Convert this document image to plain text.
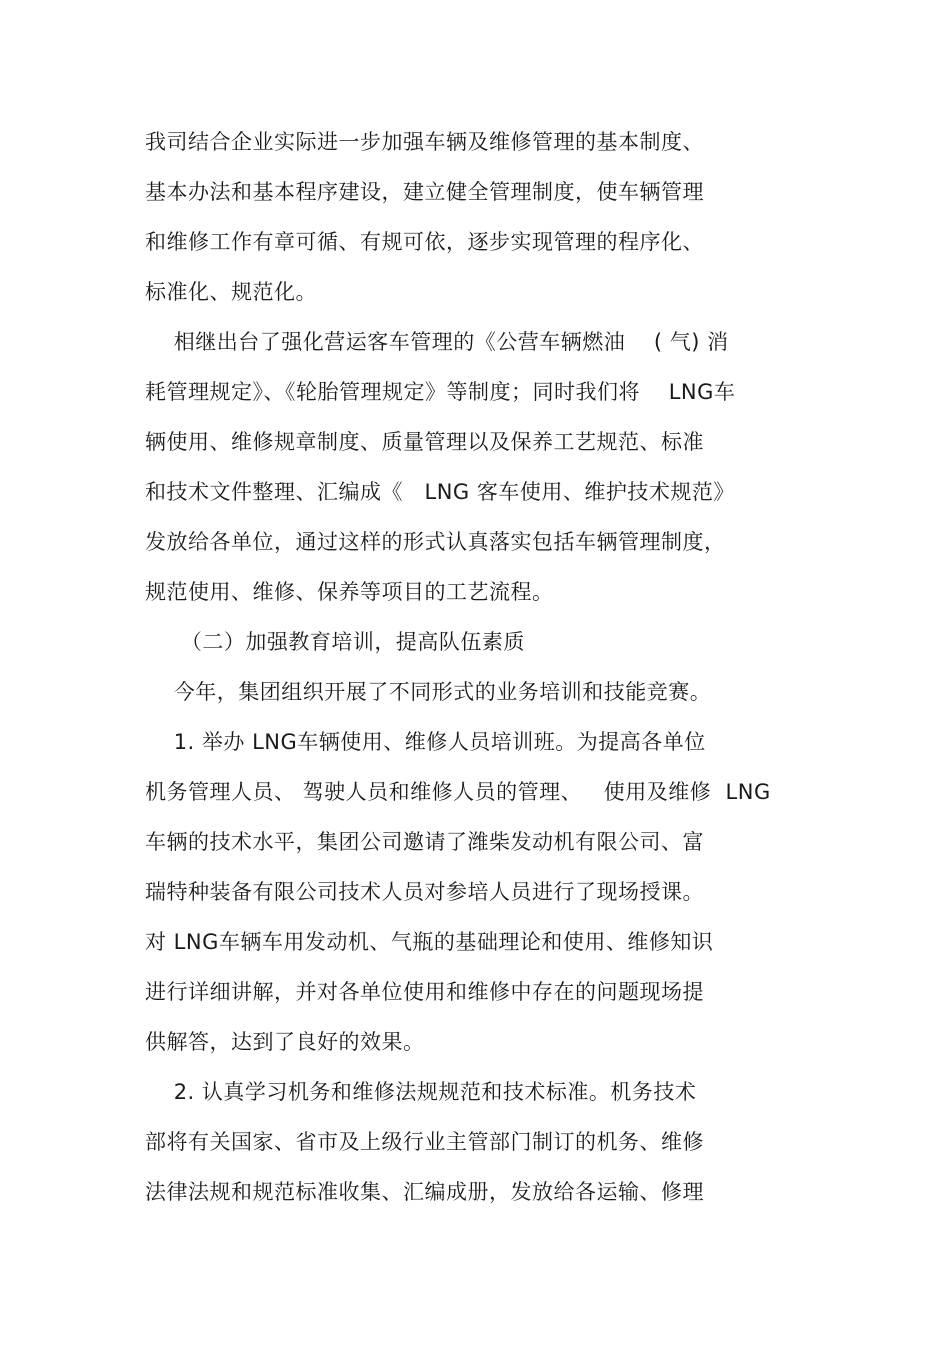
我司结合企业实际进一步加强车辆及维修管理的基本制度、
基本办法和基本程序建设，建立健全管理制度，使车辆管理
和维修工作有章可循、有规可依，逐步实现管理的程序化、
标准化、规范化。
相继出台了强化营运客车管理的《公营车辆燃油    ( 气) 消
耗管理规定》、《轮胎管理规定》等制度；同时我们将    LNG车
辆使用、维修规章制度、质量管理以及保养工艺规范、标准
和技术文件整理、汇编成《   LNG 客车使用、维护技术规范》
发放给各单位，通过这样的形式认真落实包括车辆管理制度，
规范使用、维修、保养等项目的工艺流程。
（二）加强教育培训，提高队伍素质
今年，集团组织开展了不同形式的业务培训和技能竞赛。
1. 举办 LNG车辆使用、维修人员培训班。为提高各单位
机务管理人员、 驾驶人员和维修人员的管理、   使用及维修  LNG
车辆的技术水平，集团公司邀请了潍柴发动机有限公司、富
瑞特种装备有限公司技术人员对参培人员进行了现场授课。
对 LNG车辆车用发动机、气瓶的基础理论和使用、维修知识
进行详细讲解，并对各单位使用和维修中存在的问题现场提
供解答，达到了良好的效果。
2. 认真学习机务和维修法规规范和技术标准。机务技术
部将有关国家、省市及上级行业主管部门制订的机务、维修
法律法规和规范标准收集、汇编成册，发放给各运输、修理
